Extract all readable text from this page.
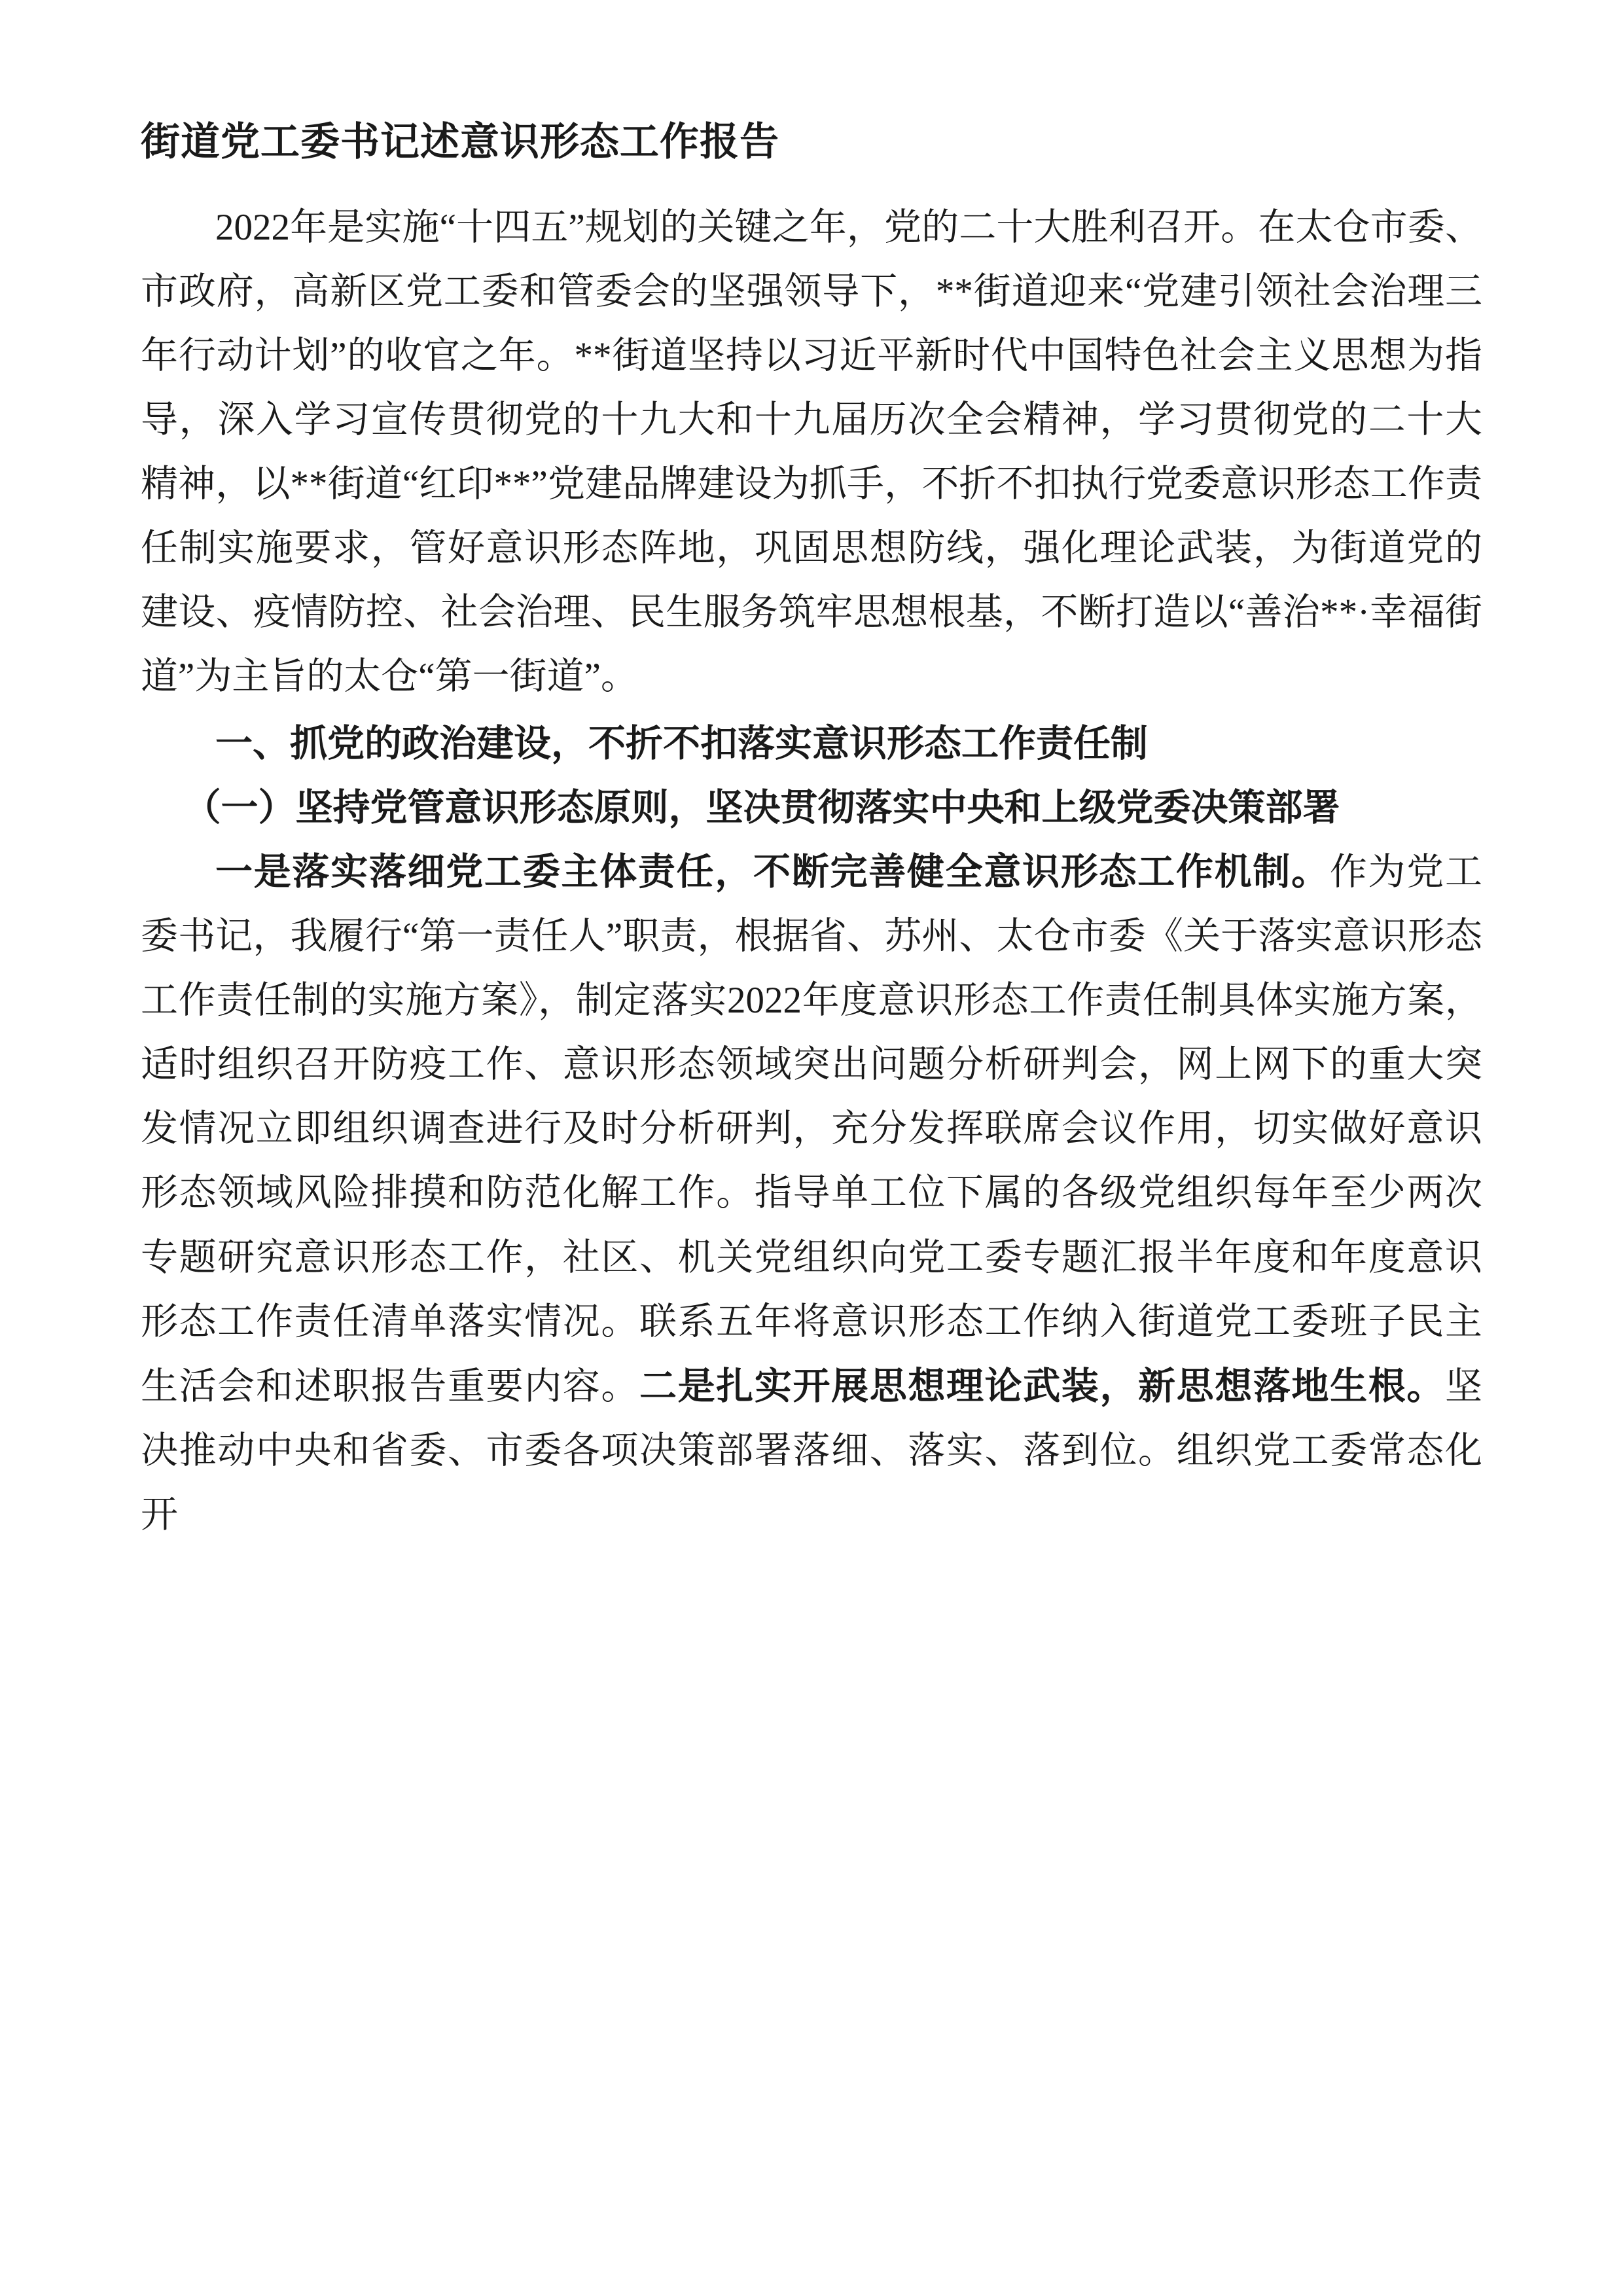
街道党工委书记述意识形态工作报告

2022年是实施“十四五”规划的关键之年，党的二十大胜利召开。在太仓市委、市政府，高新区党工委和管委会的坚强领导下，**街道迎来“党建引领社会治理三年行动计划”的收官之年。**街道坚持以习近平新时代中国特色社会主义思想为指导，深入学习宣传贯彻党的十九大和十九届历次全会精神，学习贯彻党的二十大精神，以**街道“红印**”党建品牌建设为抓手，不折不扣执行党委意识形态工作责任制实施要求，管好意识形态阵地，巩固思想防线，强化理论武装，为街道党的建设、疫情防控、社会治理、民生服务筑牢思想根基，不断打造以“善治**·幸福街道”为主旨的太仓“第一街道”。

一、抓党的政治建设，不折不扣落实意识形态工作责任制

（一）坚持党管意识形态原则，坚决贯彻落实中央和上级党委决策部署

一是落实落细党工委主体责任，不断完善健全意识形态工作机制。作为党工委书记，我履行“第一责任人”职责，根据省、苏州、太仓市委《关于落实意识形态工作责任制的实施方案》，制定落实2022年度意识形态工作责任制具体实施方案，适时组织召开防疫工作、意识形态领域突出问题分析研判会，网上网下的重大突发情况立即组织调查进行及时分析研判，充分发挥联席会议作用，切实做好意识形态领域风险排摸和防范化解工作。指导单工位下属的各级党组织每年至少两次专题研究意识形态工作，社区、机关党组织向党工委专题汇报半年度和年度意识形态工作责任清单落实情况。联系五年将意识形态工作纳入街道党工委班子民主生活会和述职报告重要内容。二是扎实开展思想理论武装，新思想落地生根。坚决推动中央和省委、市委各项决策部署落细、落实、落到位。组织党工委常态化开
